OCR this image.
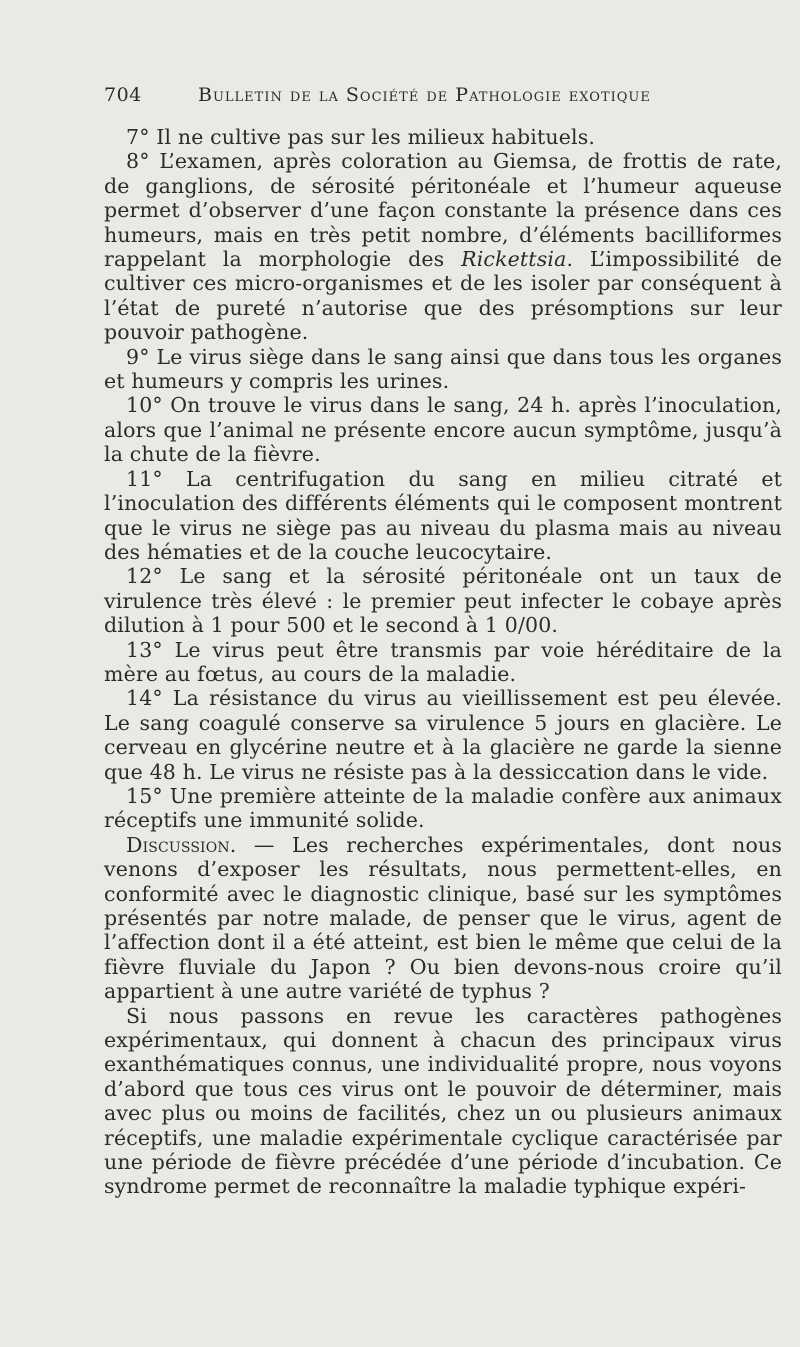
704	Bulletin de la Société de Pathologie exotique

7° Il ne cultive pas sur les milieux habituels.

8° L’examen, après coloration au Giemsa, de frottis de rate, de ganglions, de sérosité péritonéale et l’humeur aqueuse permet d’observer d’une façon constante la présence dans ces humeurs, mais en très petit nombre, d’éléments bacilliformes rappelant la morphologie des Rickettsia. L’impossibilité de cultiver ces micro-organismes et de les isoler par conséquent à l’état de pureté n’autorise que des présomptions sur leur pouvoir pathogène.

9° Le virus siège dans le sang ainsi que dans tous les organes et humeurs y compris les urines.

10° On trouve le virus dans le sang, 24 h. après l’inoculation, alors que l’animal ne présente encore aucun symptôme, jusqu’à la chute de la fièvre.

11° La centrifugation du sang en milieu citraté et l’inoculation des différents éléments qui le composent montrent que le virus ne siège pas au niveau du plasma mais au niveau des hématies et de la couche leucocytaire.

12° Le sang et la sérosité péritonéale ont un taux de virulence très élevé : le premier peut infecter le cobaye après dilution à 1 pour 500 et le second à 1 0/00.

13° Le virus peut être transmis par voie héréditaire de la mère au fœtus, au cours de la maladie.

14° La résistance du virus au vieillissement est peu élevée. Le sang coagulé conserve sa virulence 5 jours en glacière. Le cerveau en glycérine neutre et à la glacière ne garde la sienne que 48 h. Le virus ne résiste pas à la dessiccation dans le vide.

15° Une première atteinte de la maladie confère aux animaux réceptifs une immunité solide.

Discussion. — Les recherches expérimentales, dont nous venons d’exposer les résultats, nous permettent-elles, en conformité avec le diagnostic clinique, basé sur les symptômes présentés par notre malade, de penser que le virus, agent de l’affection dont il a été atteint, est bien le même que celui de la fièvre fluviale du Japon ? Ou bien devons-nous croire qu’il appartient à une autre variété de typhus ?

Si nous passons en revue les caractères pathogènes expérimentaux, qui donnent à chacun des principaux virus exanthématiques connus, une individualité propre, nous voyons d’abord que tous ces virus ont le pouvoir de déterminer, mais avec plus ou moins de facilités, chez un ou plusieurs animaux réceptifs, une maladie expérimentale cyclique caractérisée par une période de fièvre précédée d’une période d’incubation. Ce syndrome permet de reconnaître la maladie typhique expéri-
